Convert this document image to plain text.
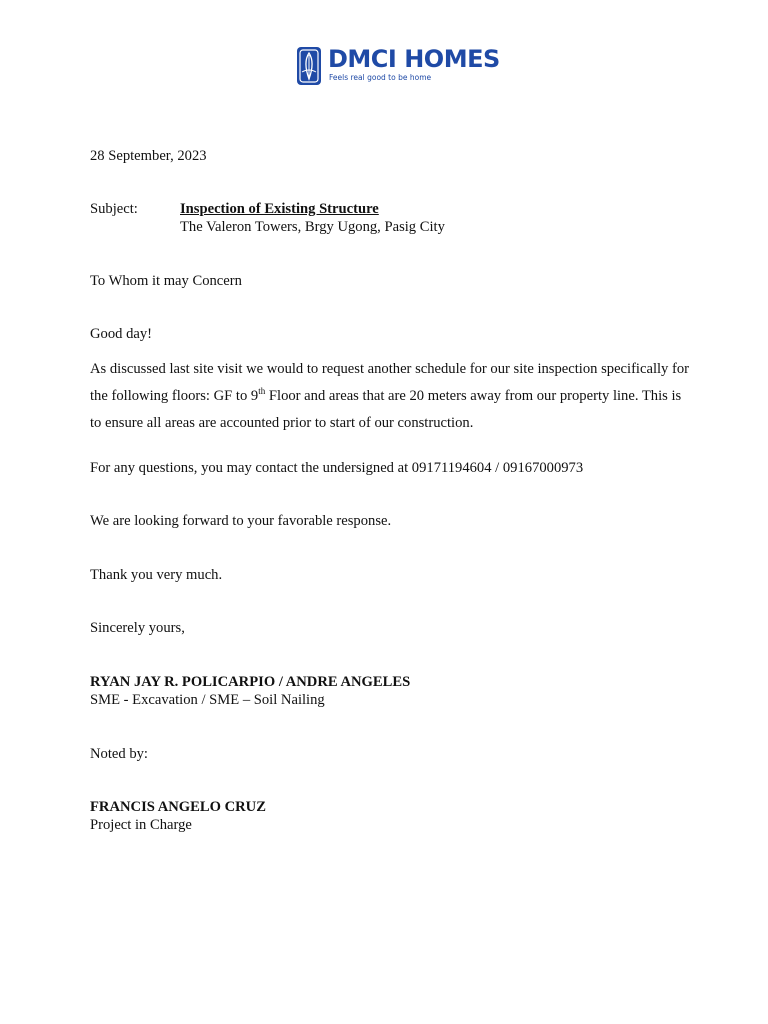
DMCI HOMES
Feels real good to be home
28 September, 2023
Subject:	Inspection of Existing Structure
The Valeron Towers, Brgy Ugong, Pasig City
To Whom it may Concern
Good day!
As discussed last site visit we would to request another schedule for our site inspection specifically for the following floors: GF to 9th Floor and areas that are 20 meters away from our property line. This is to ensure all areas are accounted prior to start of our construction.
For any questions, you may contact the undersigned at 09171194604 / 09167000973
We are looking forward to your favorable response.
Thank you very much.
Sincerely yours,
RYAN JAY R. POLICARPIO / ANDRE ANGELES
SME - Excavation / SME – Soil Nailing
Noted by:
FRANCIS ANGELO CRUZ
Project in Charge
